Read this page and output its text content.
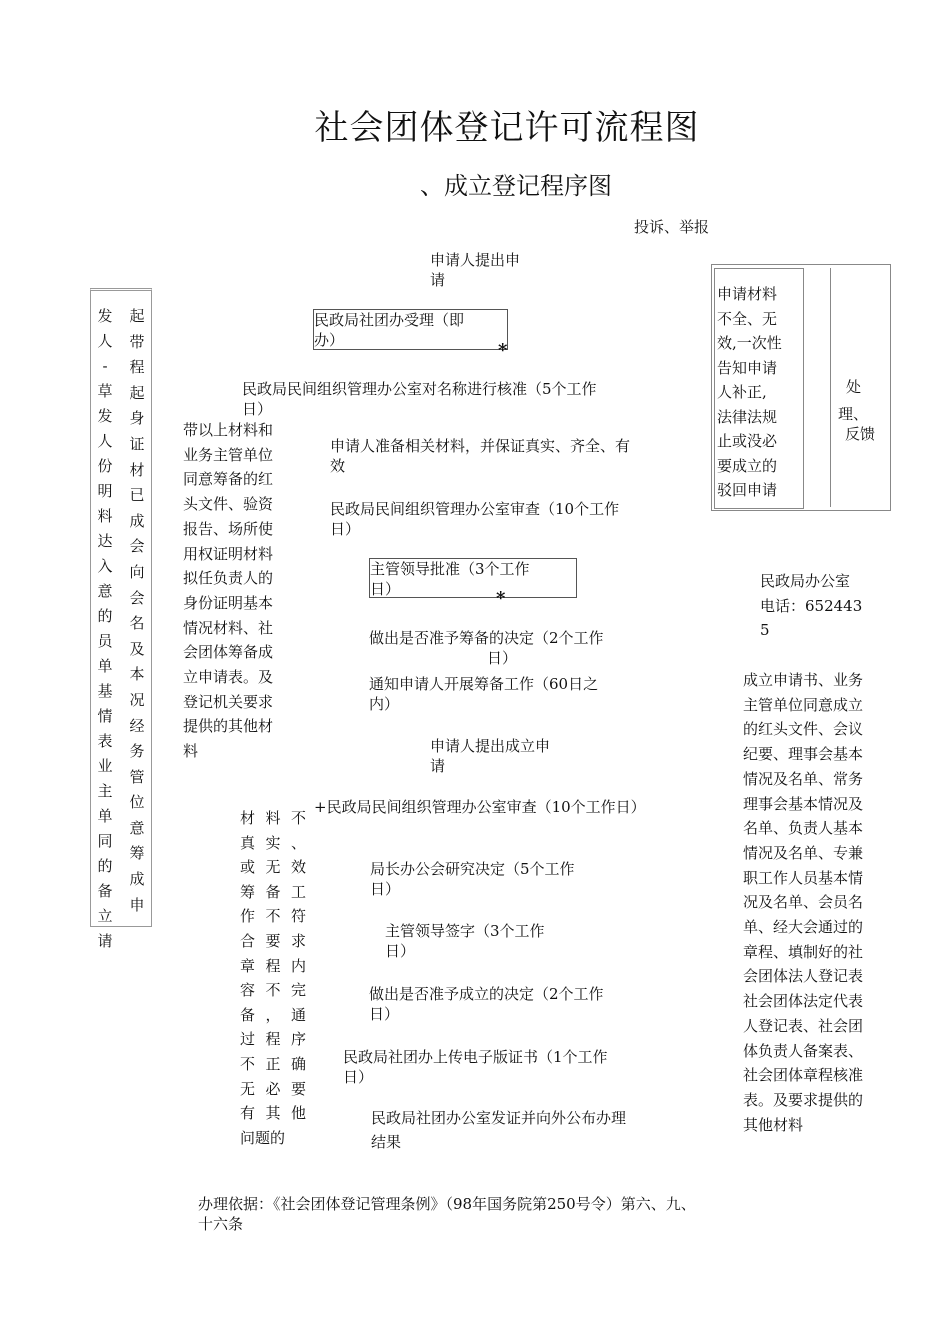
社会团体登记许可流程图
、成立登记程序图
投诉、举报
申请人提出申
请
民政局社团办受理（即
办）	*
民政局民间组织管理办公室对名称进行核准（5个工作
日）
申请人准备相关材料，并保证真实、齐全、有
效
民政局民间组织管理办公室审查（10个工作
日）
主管领导批准（3个工作
日）	*
做出是否准予筹备的决定（2个工作
日）
通知申请人开展筹备工作（60日之
内）
申请人提出成立申
请
+民政局民间组织管理办公室审查（10个工作日）
局长办公会研究决定（5个工作
日）
主管领导签字（3个工作
日）
做出是否准予成立的决定（2个工作
日）
民政局社团办上传电子版证书（1个工作
日）
民政局社团办公室发证并向外公布办理
结果
发
人
-
草
发
人
份
明
料
达
入
意
的
员
单
基
情
表
业
主
单
同
的
备
立
请
起
带
程
起
身
证
材
已
成
会
向
会
名
及
本
况
经
务
管
位
意
筹
成
申
带以上材料和
业务主管单位
同意筹备的红
头文件、验资
报告、场所使
用权证明材料
拟任负责人的
身份证明基本
情况材料、社
会团体筹备成
立申请表。及
登记机关要求
提供的其他材
料
材 料 不
真 实 、
或 无 效
筹 备 工
作 不 符
合 要 求
章 程 内
容 不 完
备 ， 通
过 程 序
不 正 确
无 必 要
有 其 他
问题的
申请材料
不全、无
效,一次性
告知申请
人补正,
法律法规
止或没必
要成立的
驳回申请
处
理、
反馈
民政局办公室
电话：652443
5
成立申请书、业务
主管单位同意成立
的红头文件、会议
纪要、理事会基本
情况及名单、常务
理事会基本情况及
名单、负责人基本
情况及名单、专兼
职工作人员基本情
况及名单、会员名
单、经大会通过的
章程、填制好的社
会团体法人登记表
社会团体法定代表
人登记表、社会团
体负责人备案表、
社会团体章程核准
表。及要求提供的
其他材料
办理依据：《社会团体登记管理条例》（98年国务院第250号令）第六、九、
十六条
